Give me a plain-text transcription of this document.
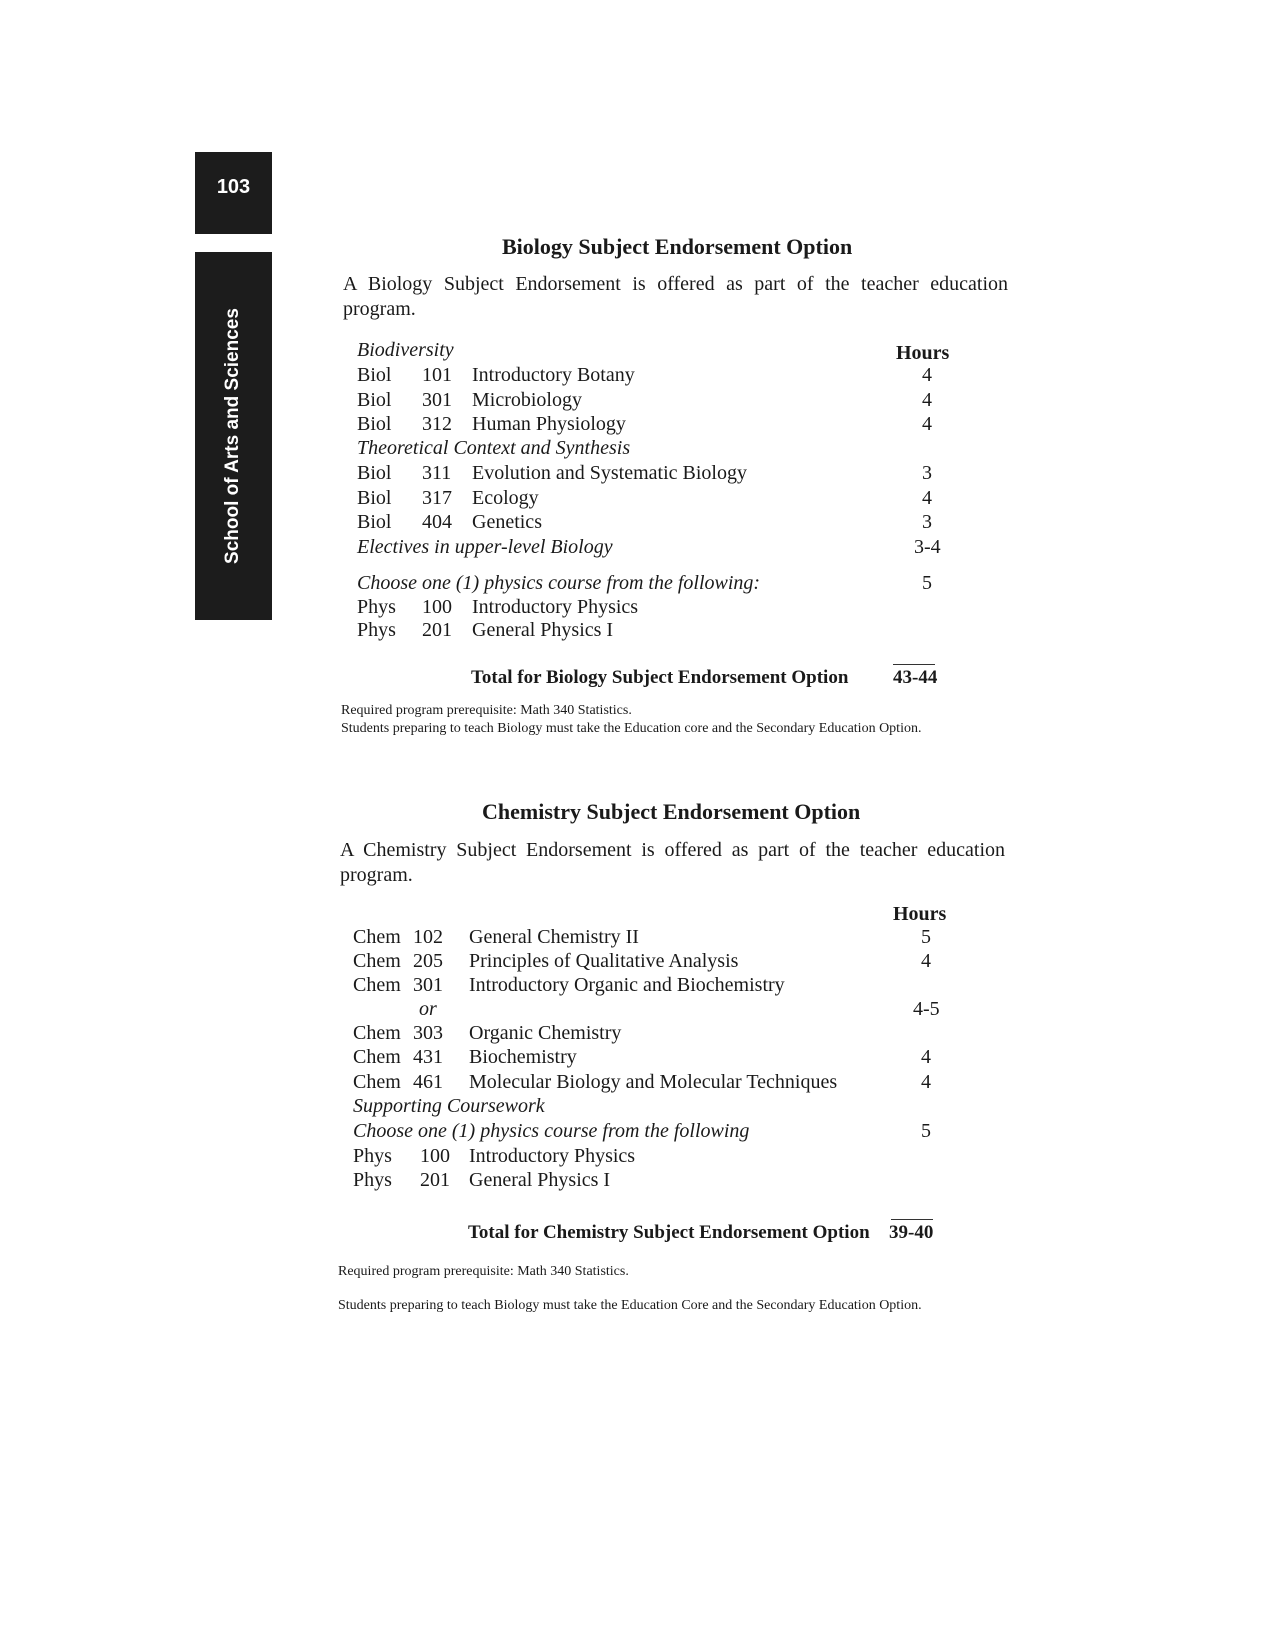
103
School of Arts and Sciences
Biology Subject Endorsement Option
A Biology Subject Endorsement is offered as part of the teacher education program.
Hours
Biodiversity
Biol 101 Introductory Botany	4
Biol 301 Microbiology	4
Biol 312 Human Physiology	4
Theoretical Context and Synthesis
Biol 311 Evolution and Systematic Biology	3
Biol 317 Ecology	4
Biol 404 Genetics	3
Electives in upper-level Biology	3-4
Choose one (1) physics course from the following:	5
Phys 100 Introductory Physics
Phys 201 General Physics I
Total for Biology Subject Endorsement Option 43-44
Required program prerequisite: Math 340 Statistics.
Students preparing to teach Biology must take the Education core and the Secondary Education Option.
Chemistry Subject Endorsement Option
A Chemistry Subject Endorsement is offered as part of the teacher education program.
Hours
Chem 102 General Chemistry II	5
Chem 205 Principles of Qualitative Analysis	4
Chem 301 Introductory Organic and Biochemistry
or	4-5
Chem 303 Organic Chemistry
Chem 431 Biochemistry	4
Chem 461 Molecular Biology and Molecular Techniques	4
Supporting Coursework
Choose one (1) physics course from the following	5
Phys 100 Introductory Physics
Phys 201 General Physics I
Total for Chemistry Subject Endorsement Option 39-40
Required program prerequisite: Math 340 Statistics.
Students preparing to teach Biology must take the Education Core and the Secondary Education Option.
